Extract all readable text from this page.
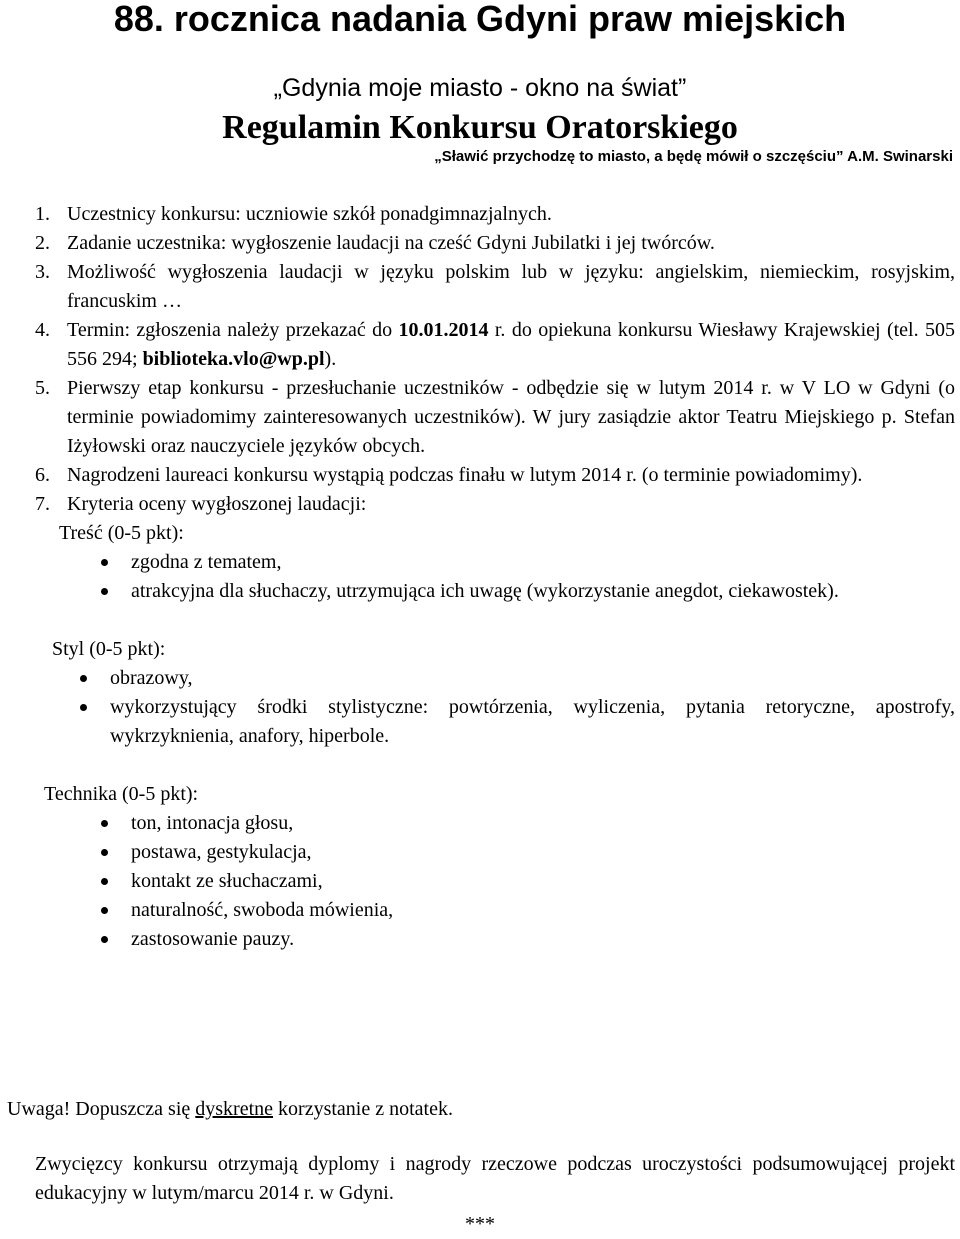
88. rocznica nadania Gdyni praw miejskich
„Gdynia moje miasto - okno na świat”
Regulamin Konkursu Oratorskiego
„Sławić przychodzę to miasto, a będę mówił o szczęściu” A.M. Swinarski
1. Uczestnicy konkursu: uczniowie szkół ponadgimnazjalnych.
2. Zadanie uczestnika: wygłoszenie laudacji na cześć Gdyni Jubilatki i jej twórców.
3. Możliwość wygłoszenia laudacji w języku polskim lub w języku: angielskim, niemieckim, rosyjskim, francuskim …
4. Termin: zgłoszenia należy przekazać do 10.01.2014 r. do opiekuna konkursu Wiesławy Krajewskiej (tel. 505 556 294; biblioteka.vlo@wp.pl).
5. Pierwszy etap konkursu - przesłuchanie uczestników - odbędzie się w lutym 2014 r. w V LO w Gdyni (o terminie powiadomimy zainteresowanych uczestników). W jury zasiądzie aktor Teatru Miejskiego p. Stefan Iżyłowski oraz nauczyciele języków obcych.
6. Nagrodzeni laureaci konkursu wystąpią podczas finału w lutym 2014 r. (o terminie powiadomimy).
7. Kryteria oceny wygłoszonej laudacji:
Treść (0-5 pkt):
zgodna z tematem,
atrakcyjna dla słuchaczy, utrzymująca ich uwagę (wykorzystanie anegdot, ciekawostek).
Styl (0-5 pkt):
obrazowy,
wykorzystujący środki stylistyczne: powtórzenia, wyliczenia, pytania retoryczne, apostrofy, wykrzyknienia, anafory, hiperbole.
Technika (0-5 pkt):
ton, intonacja głosu,
postawa, gestykulacja,
kontakt ze słuchaczami,
naturalność, swoboda mówienia,
zastosowanie pauzy.
Uwaga! Dopuszcza się dyskretne korzystanie z notatek.
Zwycięzcy konkursu otrzymają dyplomy i nagrody rzeczowe podczas uroczystości podsumowującej projekt edukacyjny w lutym/marcu 2014 r. w Gdyni.
***
